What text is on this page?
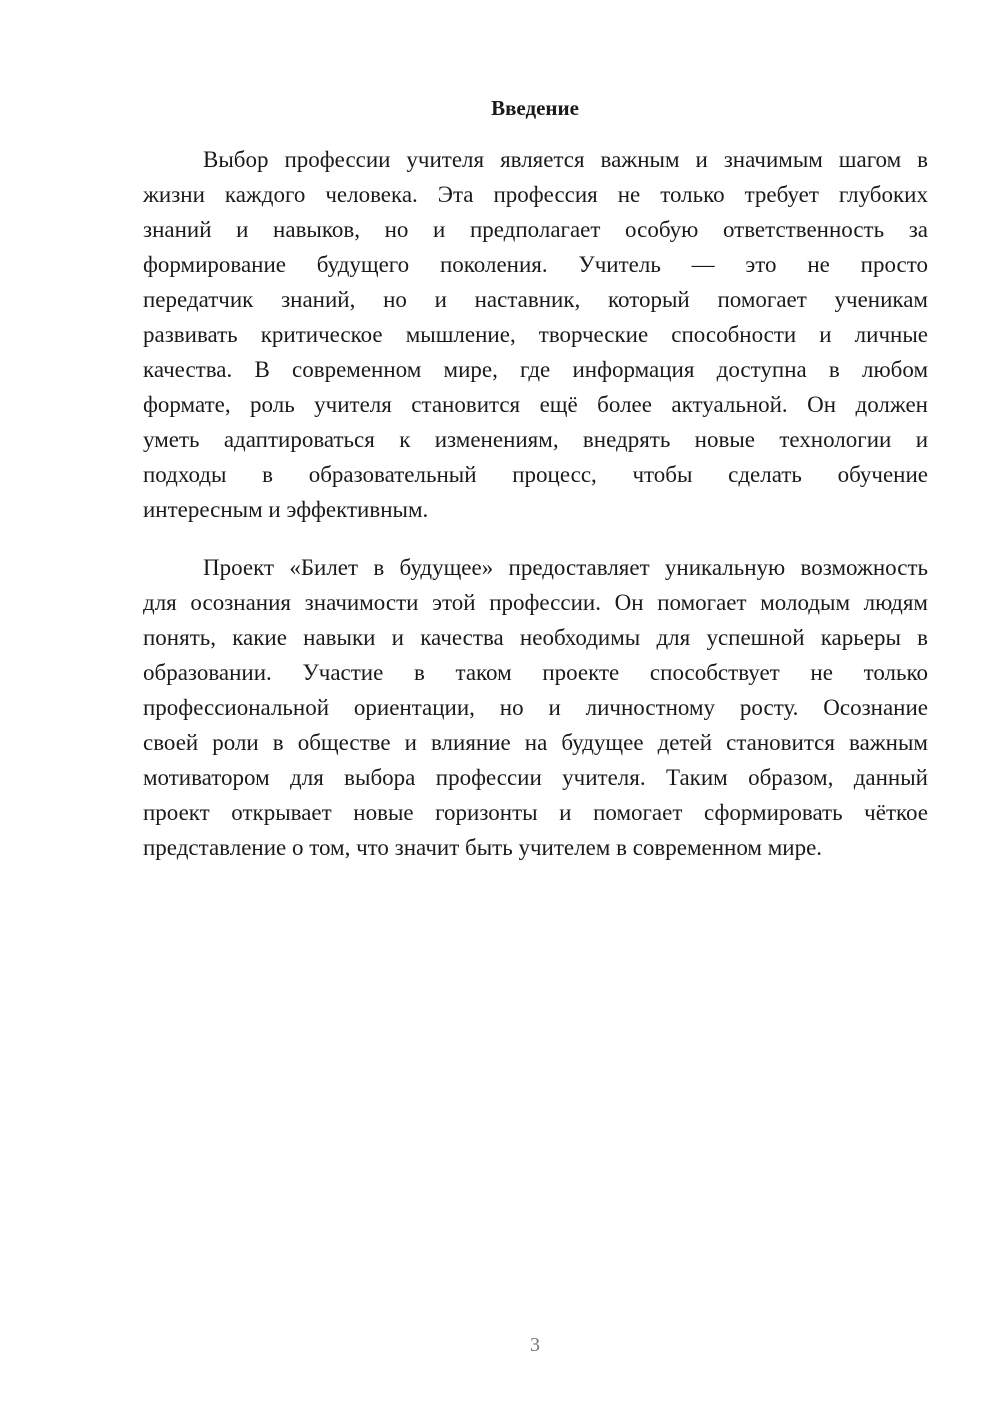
Введение
Выбор профессии учителя является важным и значимым шагом в
жизни каждого человека. Эта профессия не только требует глубоких
знаний и навыков, но и предполагает особую ответственность за
формирование будущего поколения. Учитель — это не просто
передатчик знаний, но и наставник, который помогает ученикам
развивать критическое мышление, творческие способности и личные
качества. В современном мире, где информация доступна в любом
формате, роль учителя становится ещё более актуальной. Он должен
уметь адаптироваться к изменениям, внедрять новые технологии и
подходы в образовательный процесс, чтобы сделать обучение
интересным и эффективным.
Проект «Билет в будущее» предоставляет уникальную возможность
для осознания значимости этой профессии. Он помогает молодым людям
понять, какие навыки и качества необходимы для успешной карьеры в
образовании. Участие в таком проекте способствует не только
профессиональной ориентации, но и личностному росту. Осознание
своей роли в обществе и влияние на будущее детей становится важным
мотиватором для выбора профессии учителя. Таким образом, данный
проект открывает новые горизонты и помогает сформировать чёткое
представление о том, что значит быть учителем в современном мире.
3
